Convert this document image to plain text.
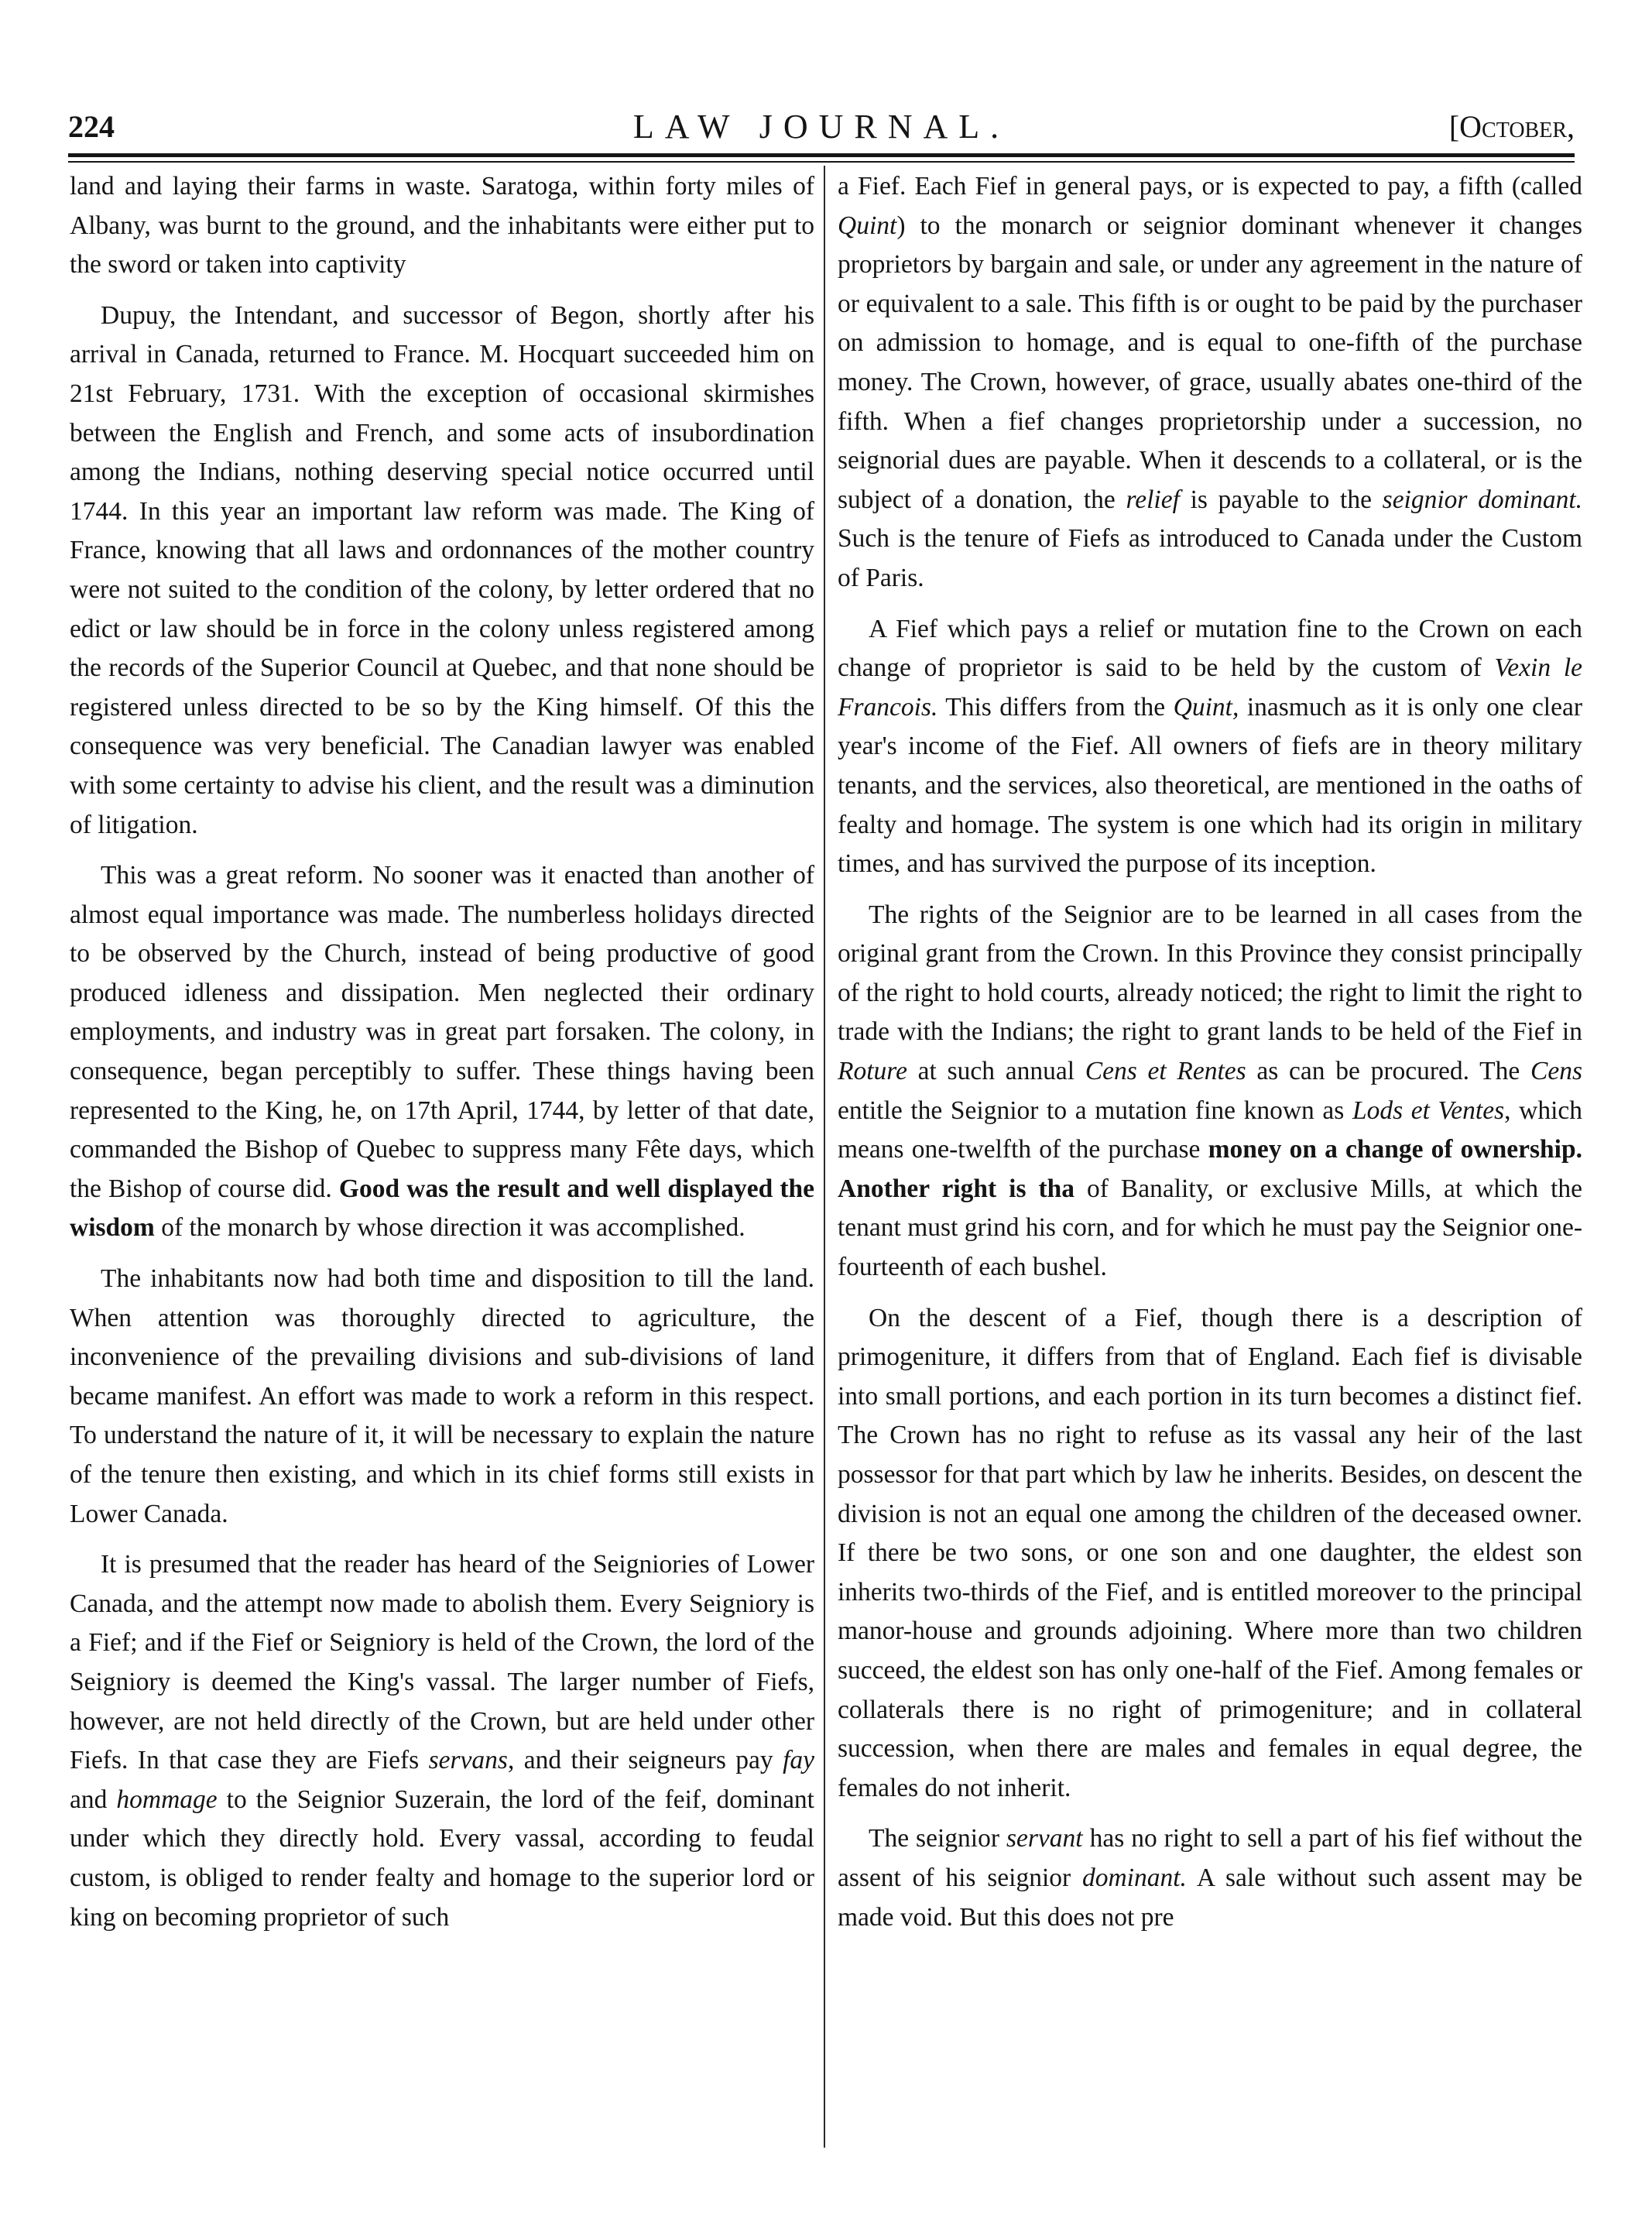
224	LAW JOURNAL.	[October,

land and laying their farms in waste. Saratoga, within forty miles of Albany, was burnt to the ground, and the inhabitants were either put to the sword or taken into captivity

Dupuy, the Intendant, and successor of Begon, shortly after his arrival in Canada, returned to France. M. Hocquart succeeded him on 21st February, 1731. With the exception of occasional skirmishes between the English and French, and some acts of insubordination among the Indians, nothing deserving special notice occurred until 1744. In this year an important law reform was made. The King of France, knowing that all laws and ordonnances of the mother country were not suited to the condition of the colony, by letter ordered that no edict or law should be in force in the colony unless registered among the records of the Superior Council at Quebec, and that none should be registered unless directed to be so by the King himself. Of this the consequence was very beneficial. The Canadian lawyer was enabled with some certainty to advise his client, and the result was a diminution of litigation.

This was a great reform. No sooner was it enacted than another of almost equal importance was made. The numberless holidays directed to be observed by the Church, instead of being productive of good produced idleness and dissipation. Men neglected their ordinary employments, and industry was in great part forsaken. The colony, in consequence, began perceptibly to suffer. These things having been represented to the King, he, on 17th April, 1744, by letter of that date, commanded the Bishop of Quebec to suppress many Fête days, which the Bishop of course did. Good was the result and well displayed the wisdom of the monarch by whose direction it was accomplished.

The inhabitants now had both time and disposition to till the land. When attention was thoroughly directed to agriculture, the inconvenience of the prevailing divisions and sub-divisions of land became manifest. An effort was made to work a reform in this respect. To understand the nature of it, it will be necessary to explain the nature of the tenure then existing, and which in its chief forms still exists in Lower Canada.

It is presumed that the reader has heard of the Seigniories of Lower Canada, and the attempt now made to abolish them. Every Seigniory is a Fief; and if the Fief or Seigniory is held of the Crown, the lord of the Seigniory is deemed the King's vassal. The larger number of Fiefs, however, are not held directly of the Crown, but are held under other Fiefs. In that case they are Fiefs servans, and their seigneurs pay fay and hommage to the Seignior Suzerain, the lord of the feif, dominant under which they directly hold. Every vassal, according to feudal custom, is obliged to render fealty and homage to the superior lord or king on becoming proprietor of such

a Fief. Each Fief in general pays, or is expected to pay, a fifth (called Quint) to the monarch or seignior dominant whenever it changes proprietors by bargain and sale, or under any agreement in the nature of or equivalent to a sale. This fifth is or ought to be paid by the purchaser on admission to homage, and is equal to one-fifth of the purchase money. The Crown, however, of grace, usually abates one-third of the fifth. When a fief changes proprietorship under a succession, no seignorial dues are payable. When it descends to a collateral, or is the subject of a donation, the relief is payable to the seignior dominant. Such is the tenure of Fiefs as introduced to Canada under the Custom of Paris.

A Fief which pays a relief or mutation fine to the Crown on each change of proprietor is said to be held by the custom of Vexin le Francois. This differs from the Quint, inasmuch as it is only one clear year's income of the Fief. All owners of fiefs are in theory military tenants, and the services, also theoretical, are mentioned in the oaths of fealty and homage. The system is one which had its origin in military times, and has survived the purpose of its inception.

The rights of the Seignior are to be learned in all cases from the original grant from the Crown. In this Province they consist principally of the right to hold courts, already noticed; the right to limit the right to trade with the Indians; the right to grant lands to be held of the Fief in Roture at such annual Cens et Rentes as can be procured. The Cens entitle the Seignior to a mutation fine known as Lods et Ventes, which means one-twelfth of the purchase money on a change of ownership. Another right is tha of Banality, or exclusive Mills, at which the tenant must grind his corn, and for which he must pay the Seignior one-fourteenth of each bushel.

On the descent of a Fief, though there is a description of primogeniture, it differs from that of England. Each fief is divisable into small portions, and each portion in its turn becomes a distinct fief. The Crown has no right to refuse as its vassal any heir of the last possessor for that part which by law he inherits. Besides, on descent the division is not an equal one among the children of the deceased owner. If there be two sons, or one son and one daughter, the eldest son inherits two-thirds of the Fief, and is entitled moreover to the principal manor-house and grounds adjoining. Where more than two children succeed, the eldest son has only one-half of the Fief. Among females or collaterals there is no right of primogeniture; and in collateral succession, when there are males and females in equal degree, the females do not inherit.

The seignior servant has no right to sell a part of his fief without the assent of his seignior dominant. A sale without such assent may be made void. But this does not pre
